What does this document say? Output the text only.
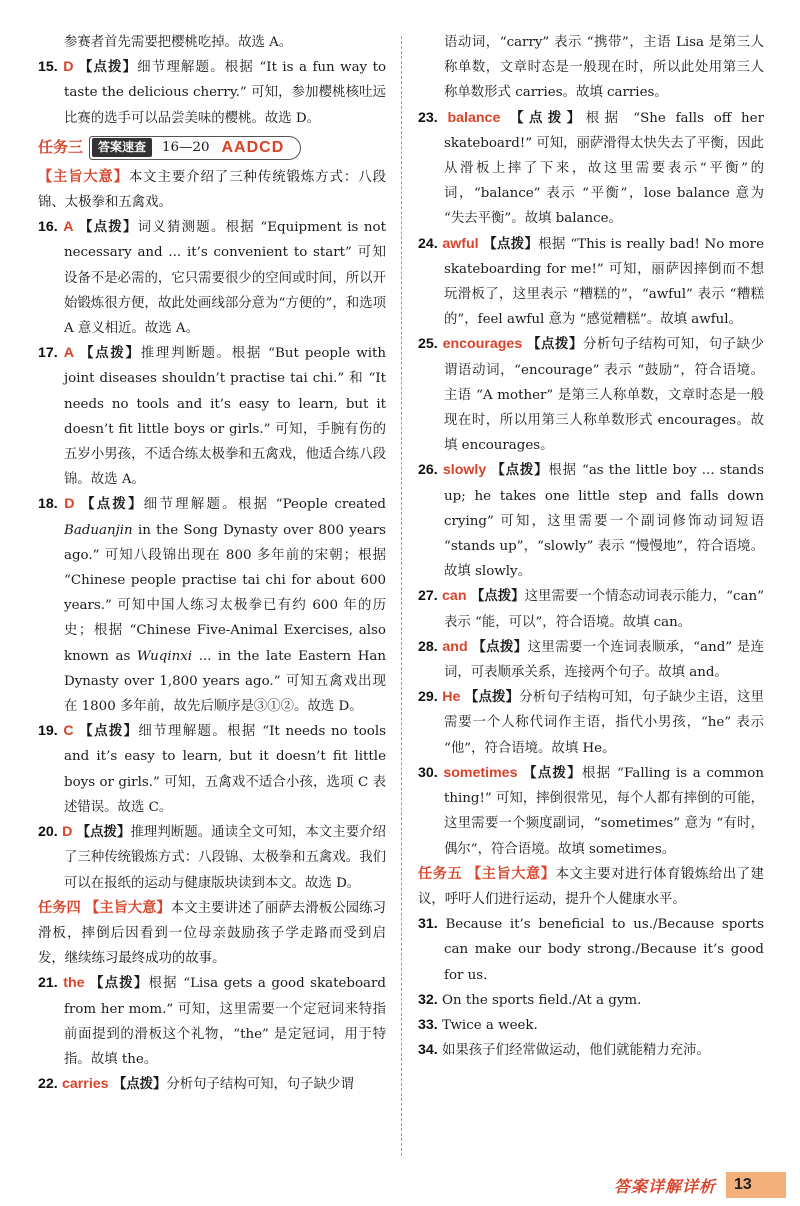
参赛者首先需要把樱桃吃掉。故选 A。

15. D 【点拨】细节理解题。根据 “It is a fun way to taste the delicious cherry.” 可知，参加樱桃核吐远比赛的选手可以品尝美味的樱桃。故选 D。

任务三	答案速查	16—20 AADCD

【主旨大意】本文主要介绍了三种传统锻炼方式：八段锦、太极拳和五禽戏。

16. A 【点拨】词义猜测题。根据 “Equipment is not necessary and ... it’s convenient to start” 可知设备不是必需的，它只需要很少的空间或时间，所以开始锻炼很方便，故此处画线部分意为“方便的”，和选项 A 意义相近。故选 A。

17. A 【点拨】推理判断题。根据 “But people with joint diseases shouldn’t practise tai chi.” 和 “It needs no tools and it’s easy to learn, but it doesn’t fit little boys or girls.” 可知，手腕有伤的五岁小男孩，不适合练太极拳和五禽戏，他适合练八段锦。故选 A。

18. D 【点拨】细节理解题。根据 “People created Baduanjin in the Song Dynasty over 800 years ago.” 可知八段锦出现在 800 多年前的宋朝；根据 “Chinese people practise tai chi for about 600 years.” 可知中国人练习太极拳已有约 600 年的历史；根据 “Chinese Five-Animal Exercises, also known as Wuqinxi ... in the late Eastern Han Dynasty over 1,800 years ago.” 可知五禽戏出现在 1800 多年前，故先后顺序是③①②。故选 D。

19. C 【点拨】细节理解题。根据 “It needs no tools and it’s easy to learn, but it doesn’t fit little boys or girls.” 可知，五禽戏不适合小孩，选项 C 表述错误。故选 C。

20. D 【点拨】推理判断题。通读全文可知，本文主要介绍了三种传统锻炼方式：八段锦、太极拳和五禽戏。我们可以在报纸的运动与健康版块读到本文。故选 D。

任务四 【主旨大意】本文主要讲述了丽萨去滑板公园练习滑板，摔倒后因看到一位母亲鼓励孩子学走路而受到启发，继续练习最终成功的故事。

21. the 【点拨】根据 “Lisa gets a good skateboard from her mom.” 可知，这里需要一个定冠词来特指前面提到的滑板这个礼物，“the” 是定冠词，用于特指。故填 the。

22. carries 【点拨】分析句子结构可知，句子缺少谓

语动词，“carry” 表示 “携带”，主语 Lisa 是第三人称单数，文章时态是一般现在时，所以此处用第三人称单数形式 carries。故填 carries。

23. balance 【点拨】根据 “She falls off her skateboard!” 可知，丽萨滑得太快失去了平衡，因此从滑板上摔了下来，故这里需要表示“平衡”的词，“balance” 表示 “平衡”，lose balance 意为 “失去平衡”。故填 balance。

24. awful 【点拨】根据 “This is really bad! No more skateboarding for me!” 可知，丽萨因摔倒而不想玩滑板了，这里表示 “糟糕的”，“awful” 表示 “糟糕的”，feel awful 意为 “感觉糟糕”。故填 awful。

25. encourages 【点拨】分析句子结构可知，句子缺少谓语动词，“encourage” 表示 “鼓励”，符合语境。主语 “A mother” 是第三人称单数，文章时态是一般现在时，所以用第三人称单数形式 encourages。故填 encourages。

26. slowly 【点拨】根据 “as the little boy ... stands up; he takes one little step and falls down crying” 可知，这里需要一个副词修饰动词短语 “stands up”，“slowly” 表示 “慢慢地”，符合语境。故填 slowly。

27. can 【点拨】这里需要一个情态动词表示能力，“can” 表示 “能，可以”，符合语境。故填 can。

28. and 【点拨】这里需要一个连词表顺承，“and” 是连词，可表顺承关系，连接两个句子。故填 and。

29. He 【点拨】分析句子结构可知，句子缺少主语，这里需要一个人称代词作主语，指代小男孩，“he” 表示 “他”，符合语境。故填 He。

30. sometimes 【点拨】根据 “Falling is a common thing!” 可知，摔倒很常见，每个人都有摔倒的可能，这里需要一个频度副词，“sometimes” 意为 “有时，偶尔”，符合语境。故填 sometimes。

任务五 【主旨大意】本文主要对进行体育锻炼给出了建议，呼吁人们进行运动，提升个人健康水平。

31. Because it’s beneficial to us./Because sports can make our body strong./Because it’s good for us.

32. On the sports field./At a gym.

33. Twice a week.

34. 如果孩子们经常做运动，他们就能精力充沛。

答案详解详析	13
